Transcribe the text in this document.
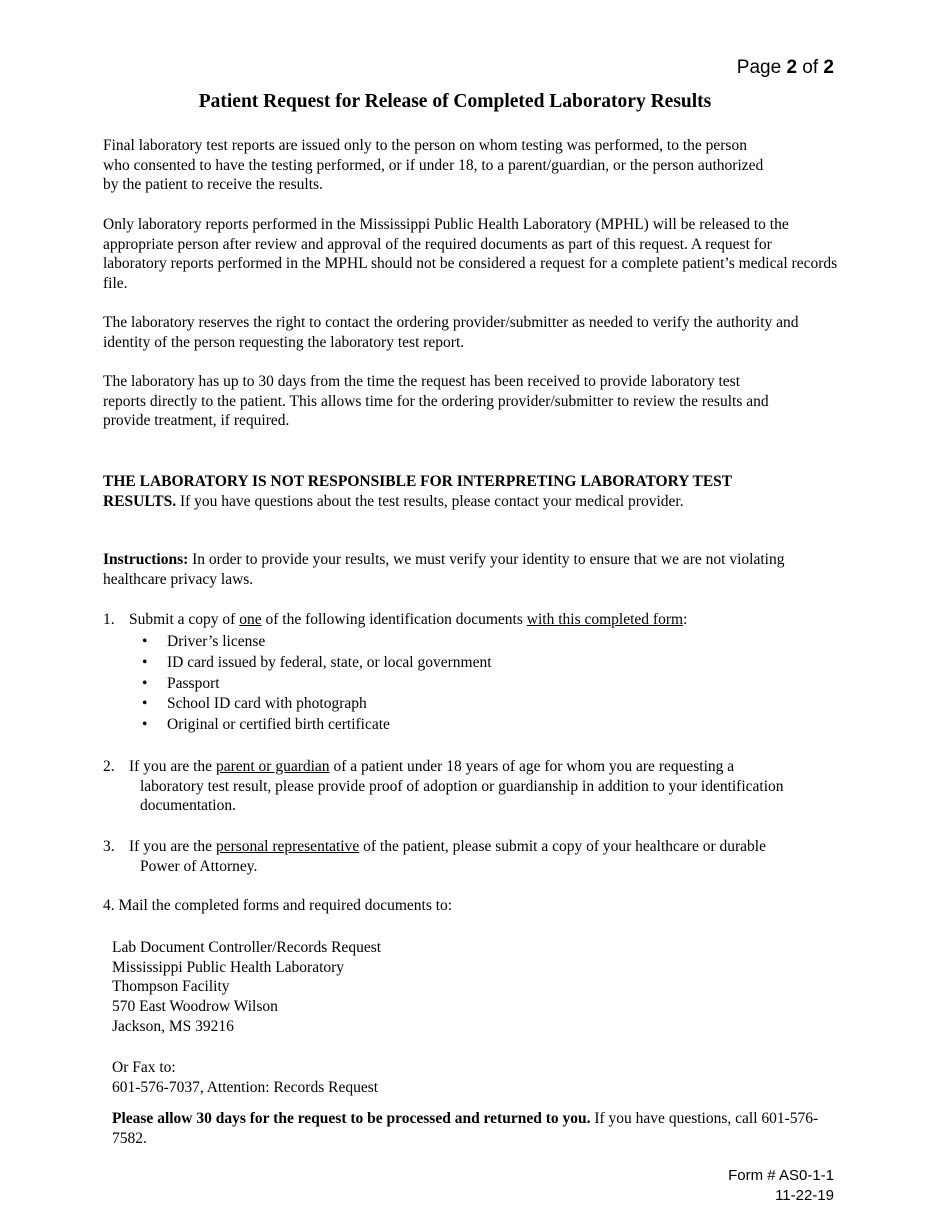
Page 2 of 2
Patient Request for Release of Completed Laboratory Results
Final laboratory test reports are issued only to the person on whom testing was performed, to the person who consented to have the testing performed, or if under 18, to a parent/guardian, or the person authorized by the patient to receive the results.
Only laboratory reports performed in the Mississippi Public Health Laboratory (MPHL) will be released to the appropriate person after review and approval of the required documents as part of this request. A request for laboratory reports performed in the MPHL should not be considered a request for a complete patient’s medical records file.
The laboratory reserves the right to contact the ordering provider/submitter as needed to verify the authority and identity of the person requesting the laboratory test report.
The laboratory has up to 30 days from the time the request has been received to provide laboratory test reports directly to the patient. This allows time for the ordering provider/submitter to review the results and provide treatment, if required.
THE LABORATORY IS NOT RESPONSIBLE FOR INTERPRETING LABORATORY TEST RESULTS. If you have questions about the test results, please contact your medical provider.
Instructions: In order to provide your results, we must verify your identity to ensure that we are not violating healthcare privacy laws.
1. Submit a copy of one of the following identification documents with this completed form:
• Driver’s license
• ID card issued by federal, state, or local government
• Passport
• School ID card with photograph
• Original or certified birth certificate
2. If you are the parent or guardian of a patient under 18 years of age for whom you are requesting a
laboratory test result, please provide proof of adoption or guardianship in addition to your identification documentation.
3. If you are the personal representative of the patient, please submit a copy of your healthcare or durable
Power of Attorney.
4. Mail the completed forms and required documents to:
Lab Document Controller/Records Request
Mississippi Public Health Laboratory
Thompson Facility
570 East Woodrow Wilson
Jackson, MS 39216
Or Fax to:
601-576-7037, Attention: Records Request
Please allow 30 days for the request to be processed and returned to you. If you have questions, call 601-576-7582.
Form # AS0-1-1
11-22-19
